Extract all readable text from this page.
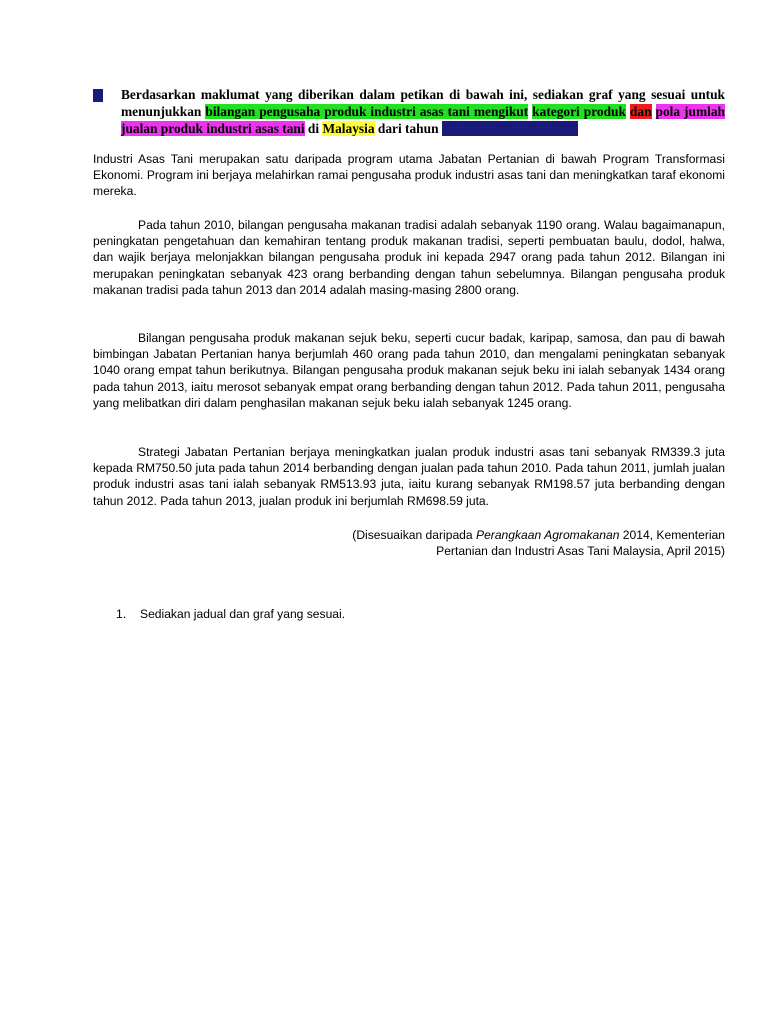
Berdasarkan maklumat yang diberikan dalam petikan di bawah ini, sediakan graf yang sesuai untuk menunjukkan bilangan pengusaha produk industri asas tani mengikut kategori produk dan pola jumlah jualan produk industri asas tani di Malaysia dari tahun 2010 hingga tahun 2014

Industri Asas Tani merupakan satu daripada program utama Jabatan Pertanian di bawah Program Transformasi Ekonomi. Program ini berjaya melahirkan ramai pengusaha produk industri asas tani dan meningkatkan taraf ekonomi mereka.

Pada tahun 2010, bilangan pengusaha makanan tradisi adalah sebanyak 1190 orang. Walau bagaimanapun, peningkatan pengetahuan dan kemahiran tentang produk makanan tradisi, seperti pembuatan baulu, dodol, halwa, dan wajik berjaya melonjakkan bilangan pengusaha produk ini kepada 2947 orang pada tahun 2012. Bilangan ini merupakan peningkatan sebanyak 423 orang berbanding dengan tahun sebelumnya. Bilangan pengusaha produk makanan tradisi pada tahun 2013 dan 2014 adalah masing-masing 2800 orang.

Bilangan pengusaha produk makanan sejuk beku, seperti cucur badak, karipap, samosa, dan pau di bawah bimbingan Jabatan Pertanian hanya berjumlah 460 orang pada tahun 2010, dan mengalami peningkatan sebanyak 1040 orang empat tahun berikutnya. Bilangan pengusaha produk makanan sejuk beku ini ialah sebanyak 1434 orang pada tahun 2013, iaitu merosot sebanyak empat orang berbanding dengan tahun 2012. Pada tahun 2011, pengusaha yang melibatkan diri dalam penghasilan makanan sejuk beku ialah sebanyak 1245 orang.

Strategi Jabatan Pertanian berjaya meningkatkan jualan produk industri asas tani sebanyak RM339.3 juta kepada RM750.50 juta pada tahun 2014 berbanding dengan jualan pada tahun 2010. Pada tahun 2011, jumlah jualan produk industri asas tani ialah sebanyak RM513.93 juta, iaitu kurang sebanyak RM198.57 juta berbanding dengan tahun 2012. Pada tahun 2013, jualan produk ini berjumlah RM698.59 juta.

(Disesuaikan daripada Perangkaan Agromakanan 2014, Kementerian
Pertanian dan Industri Asas Tani Malaysia, April 2015)
1. Sediakan jadual dan graf yang sesuai.
